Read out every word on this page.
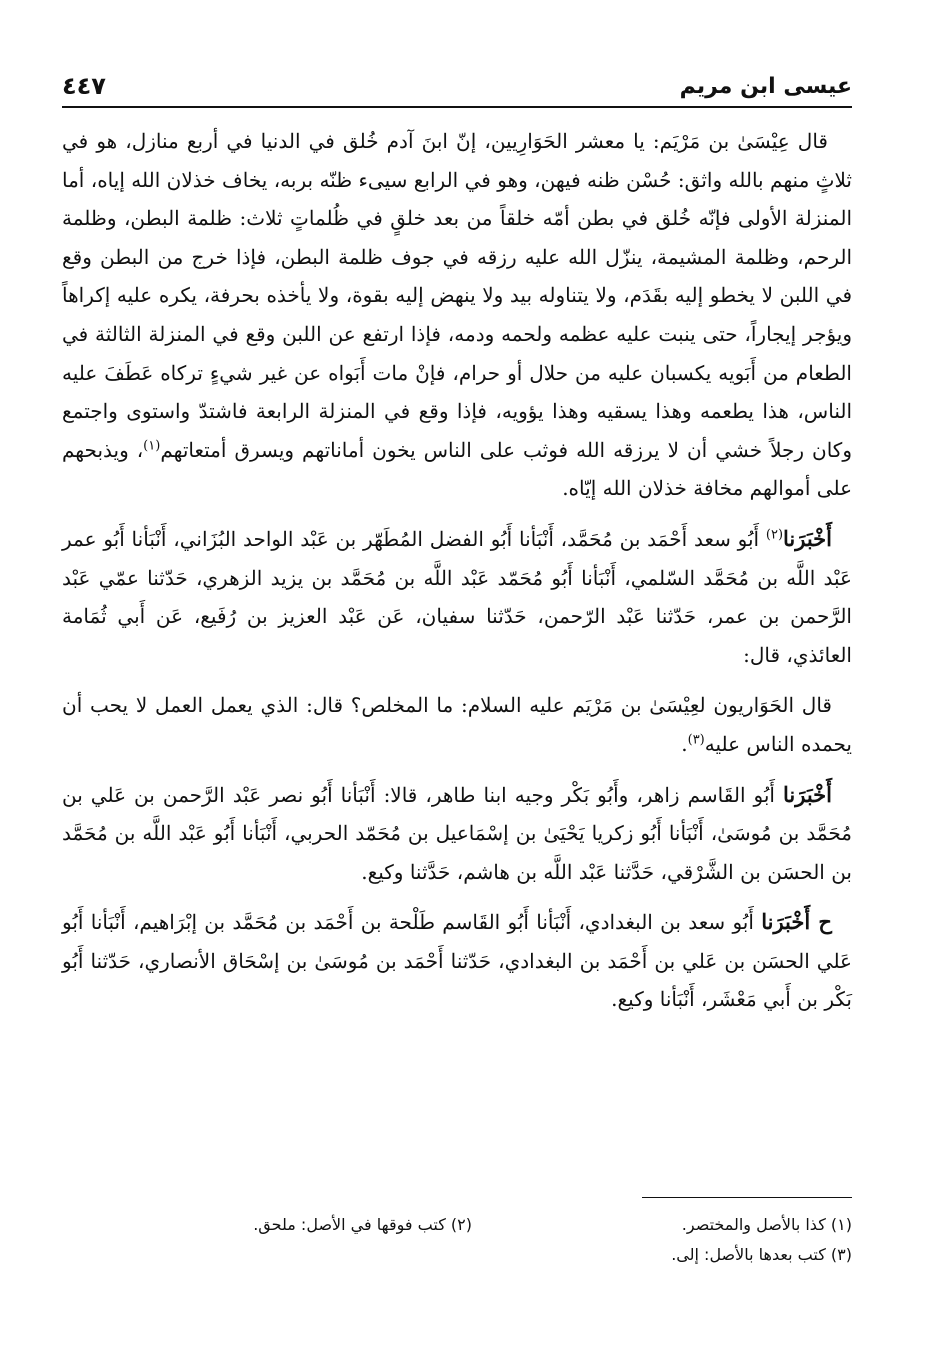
عيسى ابن مريم
٤٤٧

قال عِيْسَىٰ بن مَرْيَم: يا معشر الحَوَارِيين، إنّ ابنَ آدم خُلق في الدنيا في أربع منازل، هو في ثلاثٍ منهم بالله واثق: حُسْن ظنه فيهن، وهو في الرابع سيىء ظنّه بربه، يخاف خذلان الله إياه، أما المنزلة الأولى فإنّه خُلق في بطن أمّه خلقاً من بعد خلقٍ في ظُلماتٍ ثلاث: ظلمة البطن، وظلمة الرحم، وظلمة المشيمة، ينزّل الله عليه رزقه في جوف ظلمة البطن، فإذا خرج من البطن وقع في اللبن لا يخطو إليه بقَدَم، ولا يتناوله بيد ولا ينهض إليه بقوة، ولا يأخذه بحرفة، يكره عليه إكراهاً ويؤجر إيجاراً، حتى ينبت عليه عظمه ولحمه ودمه، فإذا ارتفع عن اللبن وقع في المنزلة الثالثة في الطعام من أَبَويه يكسبان عليه من حلال أو حرام، فإنْ مات أَبَواه عن غير شيءٍ تركاه عَطَفَ عليه الناس، هذا يطعمه وهذا يسقيه وهذا يؤويه، فإذا وقع في المنزلة الرابعة فاشتدّ واستوى واجتمع وكان رجلاً خشي أن لا يرزقه الله فوثب على الناس يخون أماناتهم ويسرق أمتعاتهم$^{(١)}$، ويذبحهم على أموالهم مخافة خذلان الله إيّاه.

أَخْبَرَنا$^{(٢)}$ أَبُو سعد أَحْمَد بن مُحَمَّد، أَنْبَأنا أَبُو الفضل المُطَهّر بن عَبْد الواحد البُزَاني، أَنْبَأنا أَبُو عمر عَبْد اللَّه بن مُحَمَّد السّلمي، أَنْبَأنا أَبُو مُحَمّد عَبْد اللَّه بن مُحَمَّد بن يزيد الزهري، حَدّثنا عمّي عَبْد الرَّحمن بن عمر، حَدّثنا عَبْد الرّحمن، حَدّثنا سفيان، عَن عَبْد العزيز بن رُفَيع، عَن أَبي ثُمَامة العائذي، قال:

قال الحَوَاريون لعِيْسَىٰ بن مَرْيَم عليه السلام: ما المخلص؟ قال: الذي يعمل العمل لا يحب أن يحمده الناس عليه$^{(٣)}$.

أَخْبَرَنا أَبُو القَاسم زاهر، وأَبُو بَكْر وجيه ابنا طاهر، قالا: أَنْبَأنا أَبُو نصر عَبْد الرَّحمن بن عَلي بن مُحَمَّد بن مُوسَىٰ، أَنْبَأنا أَبُو زكريا يَحْيَىٰ بن إسْمَاعيل بن مُحَمّد الحربي، أَنْبَأنا أَبُو عَبْد اللَّه بن مُحَمَّد بن الحسَن بن الشَّرْقي، حَدَّثنا عَبْد اللَّه بن هاشم، حَدَّثنا وكيع.

ح أَخْبَرَنا أَبُو سعد بن البغدادي، أَنْبَأنا أَبُو القَاسم طَلْحة بن أَحْمَد بن مُحَمَّد بن إبْرَاهيم، أَنْبَأنا أَبُو عَلي الحسَن بن عَلي بن أَحْمَد بن البغدادي، حَدّثنا أَحْمَد بن مُوسَىٰ بن إسْحَاق الأنصاري، حَدّثنا أَبُو بَكْر بن أَبي مَعْشَر، أَنْبَأنا وكيع.

(١) كذا بالأصل والمختصر.
(٢) كتب فوقها في الأصل: ملحق.
(٣) كتب بعدها بالأصل: إلى.
